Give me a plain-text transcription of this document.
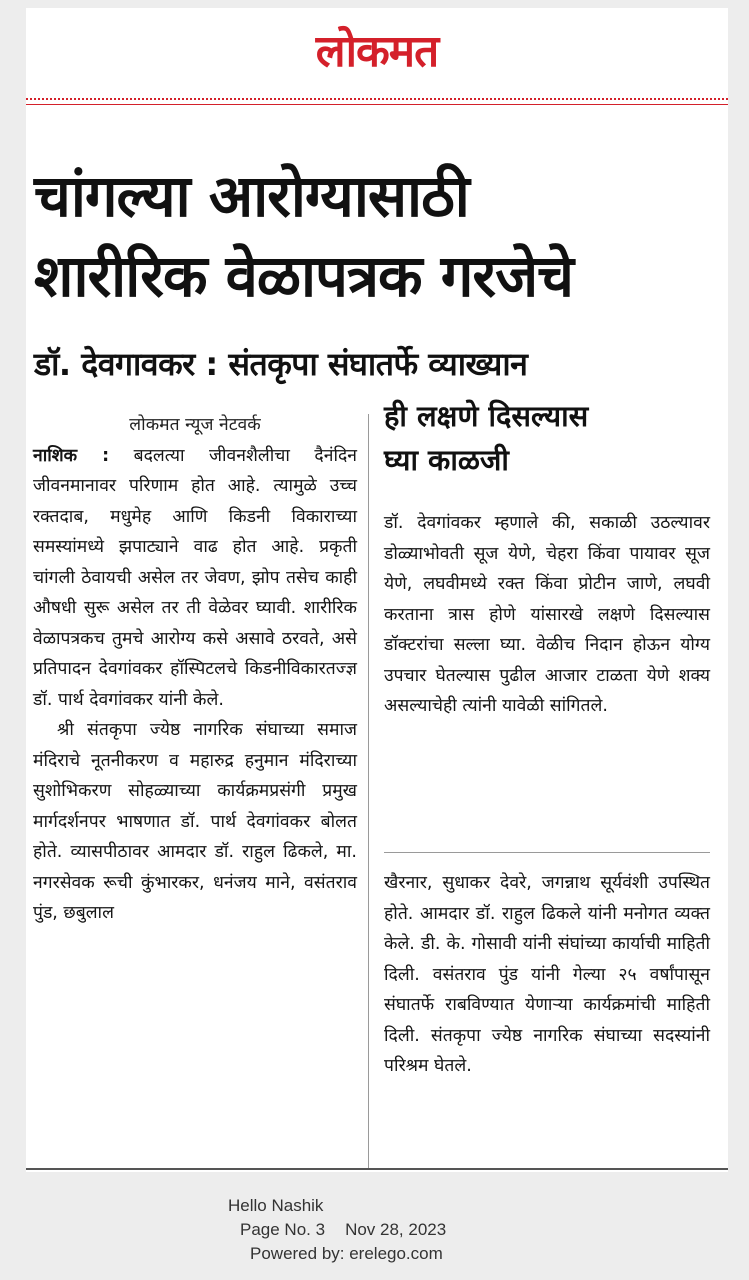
लोकमत
चांगल्या आरोग्यासाठी
शारीरिक वेळापत्रक गरजेचे
डॉ. देवगावकर : संतकृपा संघातर्फे व्याख्यान
लोकमत न्यूज नेटवर्क

नाशिक : बदलत्या जीवनशैलीचा दैनंदिन जीवनमानावर परिणाम होत आहे. त्यामुळे उच्च रक्तदाब, मधुमेह आणि किडनी विकाराच्या समस्यांमध्ये झपाट्याने वाढ होत आहे. प्रकृती चांगली ठेवायची असेल तर जेवण, झोप तसेच काही औषधी सुरू असेल तर ती वेळेवर घ्यावी. शारीरिक वेळापत्रकच तुमचे आरोग्य कसे असावे ठरवते, असे प्रतिपादन देवगांवकर हॉस्पिटलचे किडनीविकारतज्ज्ञ डॉ. पार्थ देवगांवकर यांनी केले.

श्री संतकृपा ज्येष्ठ नागरिक संघाच्या समाज मंदिराचे नूतनीकरण व महारुद्र हनुमान मंदिराच्या सुशोभिकरण सोहळ्याच्या कार्यक्रमप्रसंगी प्रमुख मार्गदर्शनपर भाषणात डॉ. पार्थ देवगांवकर बोलत होते. व्यासपीठावर आमदार डॉ. राहुल ढिकले, मा. नगरसेवक रूची कुंभारकर, धनंजय माने, वसंतराव पुंड, छबुलाल

ही लक्षणे दिसल्यास
घ्या काळजी

डॉ. देवगांवकर म्हणाले की, सकाळी उठल्यावर डोळ्याभोवती सूज येणे, चेहरा किंवा पायावर सूज येणे, लघवीमध्ये रक्त किंवा प्रोटीन जाणे, लघवी करताना त्रास होणे यांसारखे लक्षणे दिसल्यास डॉक्टरांचा सल्ला घ्या. वेळीच निदान होऊन योग्य उपचार घेतल्यास पुढील आजार टाळता येणे शक्य असल्याचेही त्यांनी यावेळी सांगितले.

खैरनार, सुधाकर देवरे, जगन्नाथ सूर्यवंशी उपस्थित होते. आमदार डॉ. राहुल ढिकले यांनी मनोगत व्यक्त केले. डी. के. गोसावी यांनी संघांच्या कार्याची माहिती दिली. वसंतराव पुंड यांनी गेल्या २५ वर्षांपासून संघातर्फे राबविण्यात येणाऱ्या कार्यक्रमांची माहिती दिली. संतकृपा ज्येष्ठ नागरिक संघाच्या सदस्यांनी परिश्रम घेतले.

Hello Nashik
Page No. 3 Nov 28, 2023
Powered by: erelego.com
